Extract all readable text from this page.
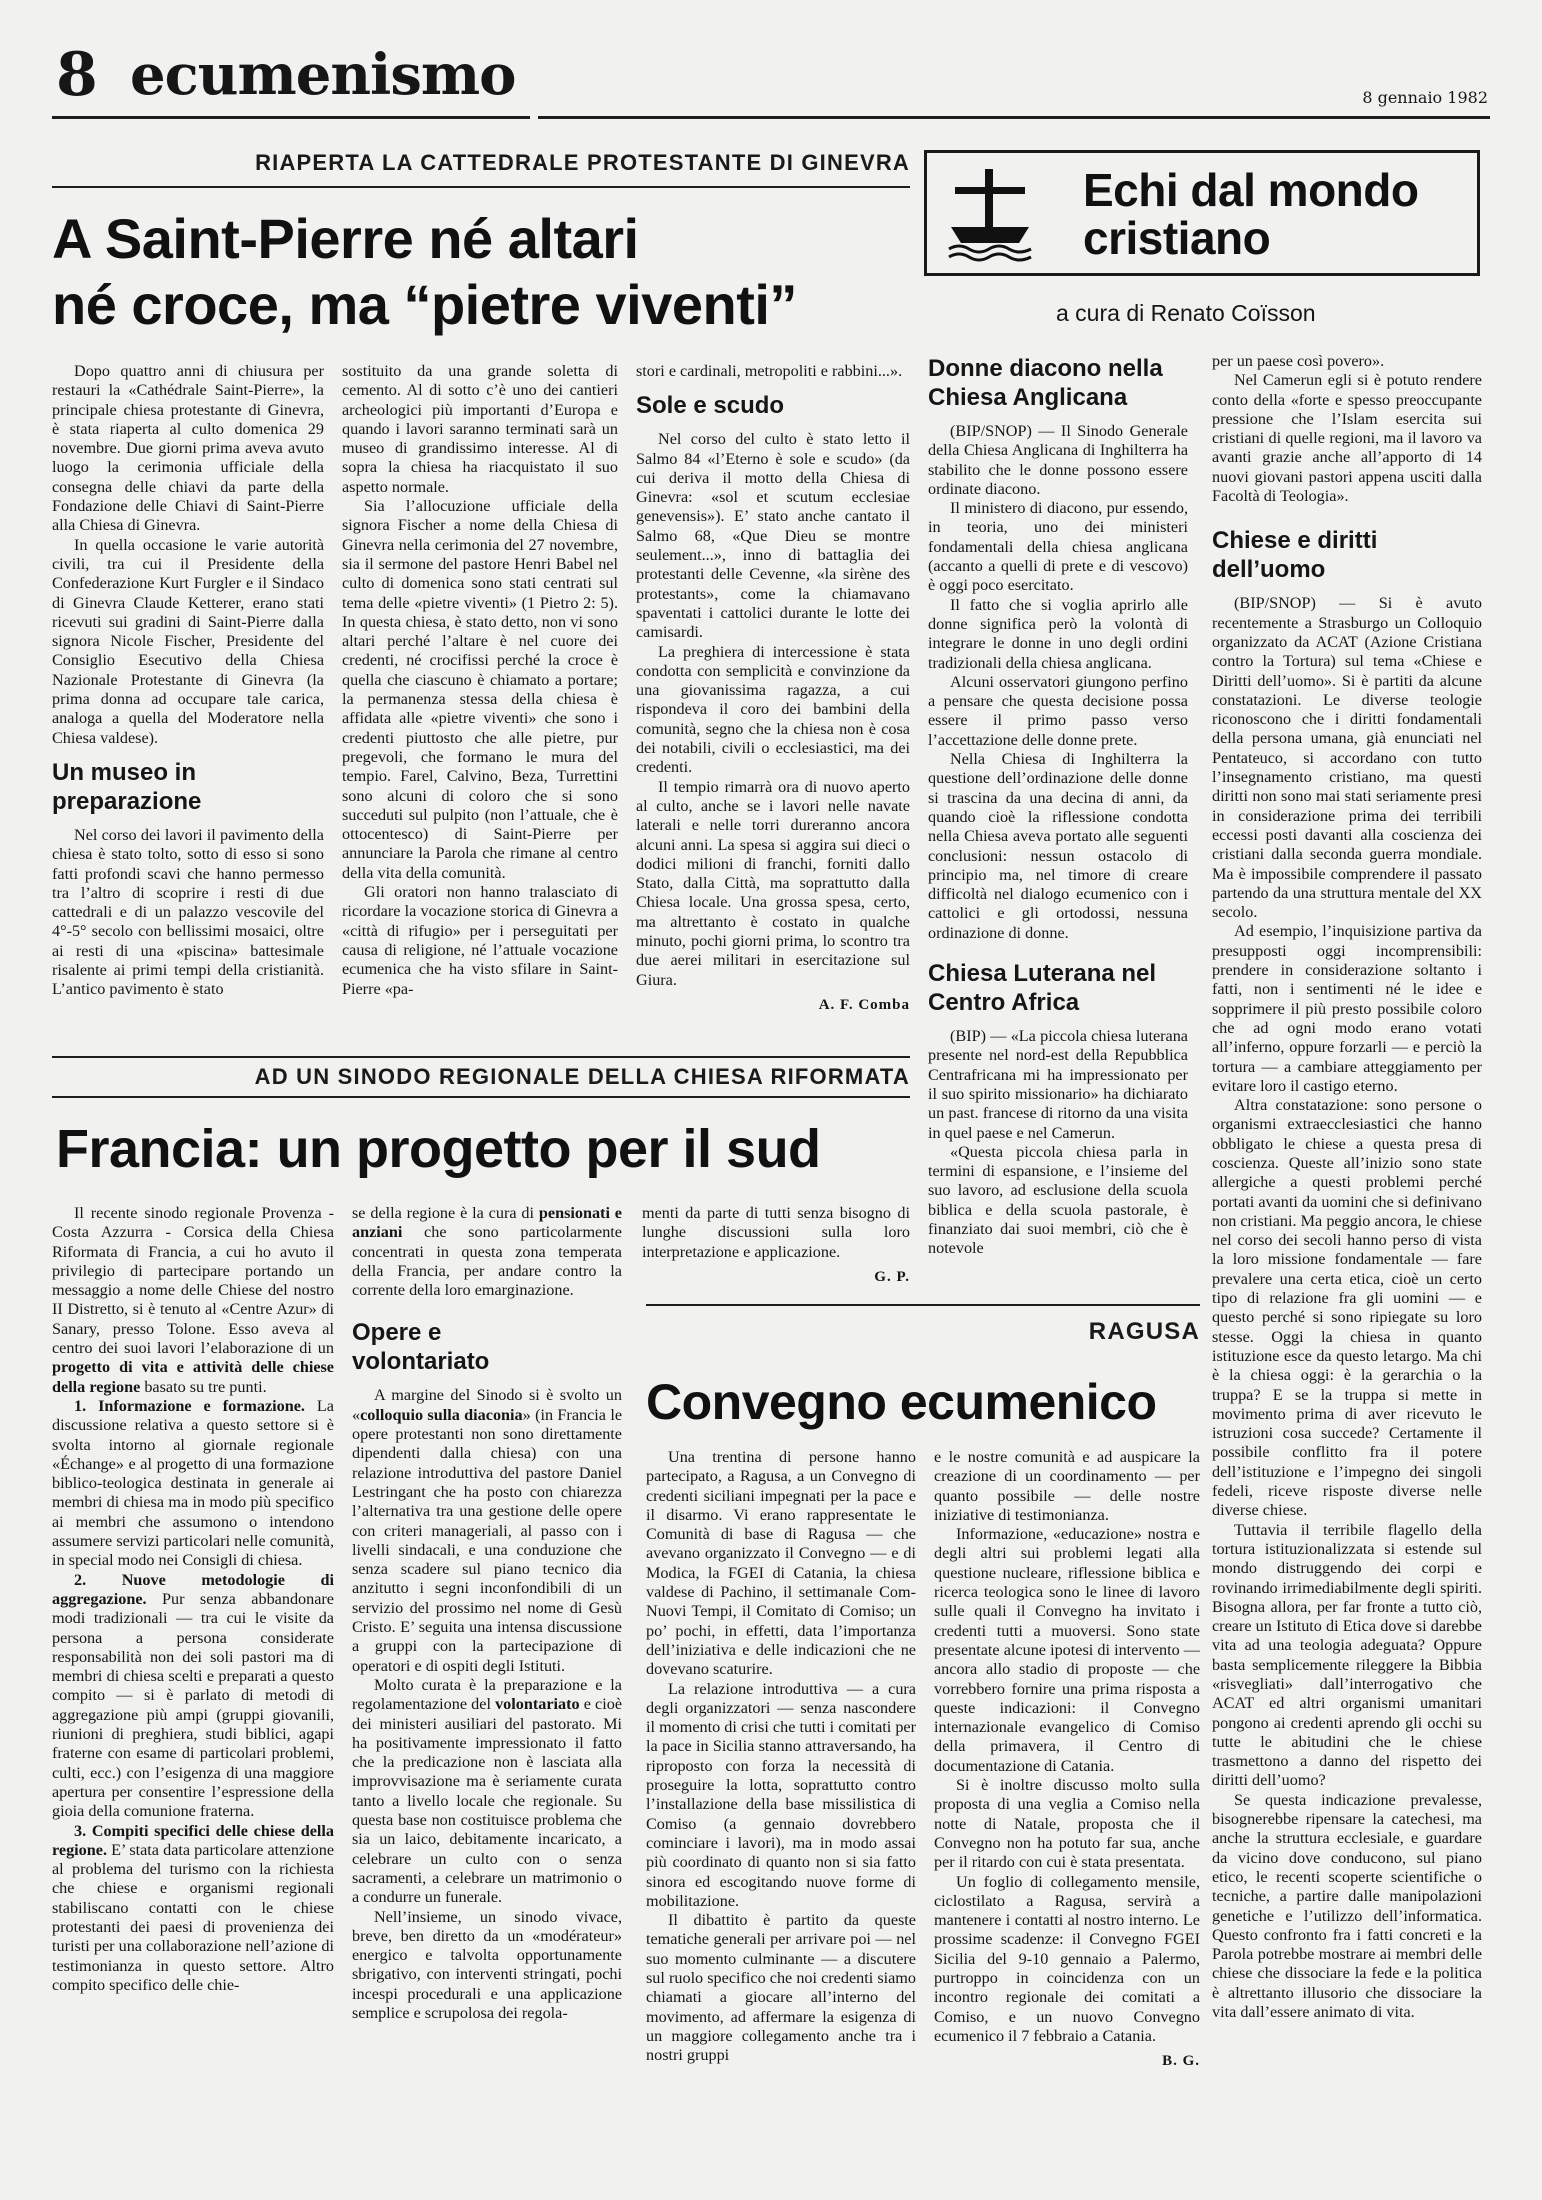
8 ecumenismo	8 gennaio 1982
RIAPERTA LA CATTEDRALE PROTESTANTE DI GINEVRA
A Saint-Pierre né altari
né croce, ma “pietre viventi”

Dopo quattro anni di chiusura per restauri la «Cathédrale Saint-Pierre», la principale chiesa protestante di Ginevra, è stata riaperta al culto domenica 29 novembre. Due giorni prima aveva avuto luogo la cerimonia ufficiale della consegna delle chiavi da parte della Fondazione delle Chiavi di Saint-Pierre alla Chiesa di Ginevra.

In quella occasione le varie autorità civili, tra cui il Presidente della Confederazione Kurt Furgler e il Sindaco di Ginevra Claude Ketterer, erano stati ricevuti sui gradini di Saint-Pierre dalla signora Nicole Fischer, Presidente del Consiglio Esecutivo della Chiesa Nazionale Protestante di Ginevra (la prima donna ad occupare tale carica, analoga a quella del Moderatore nella Chiesa valdese).

Un museo in preparazione

Nel corso dei lavori il pavimento della chiesa è stato tolto, sotto di esso si sono fatti profondi scavi che hanno permesso tra l’altro di scoprire i resti di due cattedrali e di un palazzo vescovile del 4°-5° secolo con bellissimi mosaici, oltre ai resti di una «piscina» battesimale risalente ai primi tempi della cristianità. L’antico pavimento è stato

sostituito da una grande soletta di cemento. Al di sotto c’è uno dei cantieri archeologici più importanti d’Europa e quando i lavori saranno terminati sarà un museo di grandissimo interesse. Al di sopra la chiesa ha riacquistato il suo aspetto normale.

Sia l’allocuzione ufficiale della signora Fischer a nome della Chiesa di Ginevra nella cerimonia del 27 novembre, sia il sermone del pastore Henri Babel nel culto di domenica sono stati centrati sul tema delle «pietre viventi» (1 Pietro 2: 5). In questa chiesa, è stato detto, non vi sono altari perché l’altare è nel cuore dei credenti, né crocifissi perché la croce è quella che ciascuno è chiamato a portare; la permanenza stessa della chiesa è affidata alle «pietre viventi» che sono i credenti piuttosto che alle pietre, pur pregevoli, che formano le mura del tempio. Farel, Calvino, Beza, Turrettini sono alcuni di coloro che si sono succeduti sul pulpito (non l’attuale, che è ottocentesco) di Saint-Pierre per annunciare la Parola che rimane al centro della vita della comunità.

Gli oratori non hanno tralasciato di ricordare la vocazione storica di Ginevra a «città di rifugio» per i perseguitati per causa di religione, né l’attuale vocazione ecumenica che ha visto sfilare in Saint-Pierre «pa-

stori e cardinali, metropoliti e rabbini...».

Sole e scudo

Nel corso del culto è stato letto il Salmo 84 «l’Eterno è sole e scudo» (da cui deriva il motto della Chiesa di Ginevra: «sol et scutum ecclesiae genevensis»). E’ stato anche cantato il Salmo 68, «Que Dieu se montre seulement...», inno di battaglia dei protestanti delle Cevenne, «la sirène des protestants», come la chiamavano spaventati i cattolici durante le lotte dei camisardi.

La preghiera di intercessione è stata condotta con semplicità e convinzione da una giovanissima ragazza, a cui rispondeva il coro dei bambini della comunità, segno che la chiesa non è cosa dei notabili, civili o ecclesiastici, ma dei credenti.

Il tempio rimarrà ora di nuovo aperto al culto, anche se i lavori nelle navate laterali e nelle torri dureranno ancora alcuni anni. La spesa si aggira sui dieci o dodici milioni di franchi, forniti dallo Stato, dalla Città, ma soprattutto dalla Chiesa locale. Una grossa spesa, certo, ma altrettanto è costato in qualche minuto, pochi giorni prima, lo scontro tra due aerei militari in esercitazione sul Giura.

A. F. Comba
Echi dal mondo
cristiano
a cura di Renato Coïsson
Donne diacono nella Chiesa Anglicana

(BIP/SNOP) — Il Sinodo Generale della Chiesa Anglicana di Inghilterra ha stabilito che le donne possono essere ordinate diacono.

Il ministero di diacono, pur essendo, in teoria, uno dei ministeri fondamentali della chiesa anglicana (accanto a quelli di prete e di vescovo) è oggi poco esercitato.

Il fatto che si voglia aprirlo alle donne significa però la volontà di integrare le donne in uno degli ordini tradizionali della chiesa anglicana.

Alcuni osservatori giungono perfino a pensare che questa decisione possa essere il primo passo verso l’accettazione delle donne prete.

Nella Chiesa di Inghilterra la questione dell’ordinazione delle donne si trascina da una decina di anni, da quando cioè la riflessione condotta nella Chiesa aveva portato alle seguenti conclusioni: nessun ostacolo di principio ma, nel timore di creare difficoltà nel dialogo ecumenico con i cattolici e gli ortodossi, nessuna ordinazione di donne.

Chiesa Luterana nel Centro Africa

(BIP) — «La piccola chiesa luterana presente nel nord-est della Repubblica Centrafricana mi ha impressionato per il suo spirito missionario» ha dichiarato un past. francese di ritorno da una visita in quel paese e nel Camerun.

«Questa piccola chiesa parla in termini di espansione, e l’insieme del suo lavoro, ad esclusione della scuola biblica e della scuola pastorale, è finanziato dai suoi membri, ciò che è notevole

per un paese così povero».

Nel Camerun egli si è potuto rendere conto della «forte e spesso preoccupante pressione che l’Islam esercita sui cristiani di quelle regioni, ma il lavoro va avanti grazie anche all’apporto di 14 nuovi giovani pastori appena usciti dalla Facoltà di Teologia».

Chiese e diritti dell’uomo

(BIP/SNOP) — Si è avuto recentemente a Strasburgo un Colloquio organizzato da ACAT (Azione Cristiana contro la Tortura) sul tema «Chiese e Diritti dell’uomo». Si è partiti da alcune constatazioni. Le diverse teologie riconoscono che i diritti fondamentali della persona umana, già enunciati nel Pentateuco, si accordano con tutto l’insegnamento cristiano, ma questi diritti non sono mai stati seriamente presi in considerazione prima dei terribili eccessi posti davanti alla coscienza dei cristiani dalla seconda guerra mondiale. Ma è impossibile comprendere il passato partendo da una struttura mentale del XX secolo.

Ad esempio, l’inquisizione partiva da presupposti oggi incomprensibili: prendere in considerazione soltanto i fatti, non i sentimenti né le idee e sopprimere il più presto possibile coloro che ad ogni modo erano votati all’inferno, oppure forzarli — e perciò la tortura — a cambiare atteggiamento per evitare loro il castigo eterno.

Altra constatazione: sono persone o organismi extraecclesiastici che hanno obbligato le chiese a questa presa di coscienza. Queste all’inizio sono state allergiche a questi problemi perché portati avanti da uomini che si definivano non cristiani. Ma peggio ancora, le chiese nel corso dei secoli hanno perso di vista la loro missione fondamentale — fare prevalere una certa etica, cioè un certo tipo di relazione fra gli uomini — e questo perché si sono ripiegate su loro stesse. Oggi la chiesa in quanto istituzione esce da questo letargo. Ma chi è la chiesa oggi: è la gerarchia o la truppa? E se la truppa si mette in movimento prima di aver ricevuto le istruzioni cosa succede? Certamente il possibile conflitto fra il potere dell’istituzione e l’impegno dei singoli fedeli, riceve risposte diverse nelle diverse chiese.

Tuttavia il terribile flagello della tortura istituzionalizzata si estende sul mondo distruggendo dei corpi e rovinando irrimediabilmente degli spiriti. Bisogna allora, per far fronte a tutto ciò, creare un Istituto di Etica dove si darebbe vita ad una teologia adeguata? Oppure basta semplicemente rileggere la Bibbia «risvegliati» dall’interrogativo che ACAT ed altri organismi umanitari pongono ai credenti aprendo gli occhi su tutte le abitudini che le chiese trasmettono a danno del rispetto dei diritti dell’uomo?

Se questa indicazione prevalesse, bisognerebbe ripensare la catechesi, ma anche la struttura ecclesiale, e guardare da vicino dove conducono, sul piano etico, le recenti scoperte scientifiche o tecniche, a partire dalle manipolazioni genetiche e l’utilizzo dell’informatica. Questo confronto fra i fatti concreti e la Parola potrebbe mostrare ai membri delle chiese che dissociare la fede e la politica è altrettanto illusorio che dissociare la vita dall’essere animato di vita.

AD UN SINODO REGIONALE DELLA CHIESA RIFORMATA
Francia: un progetto per il sud

Il recente sinodo regionale Provenza - Costa Azzurra - Corsica della Chiesa Riformata di Francia, a cui ho avuto il privilegio di partecipare portando un messaggio a nome delle Chiese del nostro II Distretto, si è tenuto al «Centre Azur» di Sanary, presso Tolone. Esso aveva al centro dei suoi lavori l’elaborazione di un progetto di vita e attività delle chiese della regione basato su tre punti.

1. Informazione e formazione. La discussione relativa a questo settore si è svolta intorno al giornale regionale «Échange» e al progetto di una formazione biblico-teologica destinata in generale ai membri di chiesa ma in modo più specifico ai membri che assumono o intendono assumere servizi particolari nelle comunità, in special modo nei Consigli di chiesa.

2. Nuove metodologie di aggregazione. Pur senza abbandonare modi tradizionali — tra cui le visite da persona a persona considerate responsabilità non dei soli pastori ma di membri di chiesa scelti e preparati a questo compito — si è parlato di metodi di aggregazione più ampi (gruppi giovanili, riunioni di preghiera, studi biblici, agapi fraterne con esame di particolari problemi, culti, ecc.) con l’esigenza di una maggiore apertura per consentire l’espressione della gioia della comunione fraterna.

3. Compiti specifici delle chiese della regione. E’ stata data particolare attenzione al problema del turismo con la richiesta che chiese e organismi regionali stabiliscano contatti con le chiese protestanti dei paesi di provenienza dei turisti per una collaborazione nell’azione di testimonianza in questo settore. Altro compito specifico delle chie-

se della regione è la cura di pensionati e anziani che sono particolarmente concentrati in questa zona temperata della Francia, per andare contro la corrente della loro emarginazione.

Opere e volontariato

A margine del Sinodo si è svolto un «colloquio sulla diaconia» (in Francia le opere protestanti non sono direttamente dipendenti dalla chiesa) con una relazione introduttiva del pastore Daniel Lestringant che ha posto con chiarezza l’alternativa tra una gestione delle opere con criteri manageriali, al passo con i livelli sindacali, e una conduzione che senza scadere sul piano tecnico dia anzitutto i segni inconfondibili di un servizio del prossimo nel nome di Gesù Cristo. E’ seguita una intensa discussione a gruppi con la partecipazione di operatori e di ospiti degli Istituti.

Molto curata è la preparazione e la regolamentazione del volontariato e cioè dei ministeri ausiliari del pastorato. Mi ha positivamente impressionato il fatto che la predicazione non è lasciata alla improvvisazione ma è seriamente curata tanto a livello locale che regionale. Su questa base non costituisce problema che sia un laico, debitamente incaricato, a celebrare un culto con o senza sacramenti, a celebrare un matrimonio o a condurre un funerale.

Nell’insieme, un sinodo vivace, breve, ben diretto da un «modérateur» energico e talvolta opportunamente sbrigativo, con interventi stringati, pochi incespi procedurali e una applicazione semplice e scrupolosa dei regola-

menti da parte di tutti senza bisogno di lunghe discussioni sulla loro interpretazione e applicazione.

G. P.
RAGUSA
Convegno ecumenico

Una trentina di persone hanno partecipato, a Ragusa, a un Convegno di credenti siciliani impegnati per la pace e il disarmo. Vi erano rappresentate le Comunità di base di Ragusa — che avevano organizzato il Convegno — e di Modica, la FGEI di Catania, la chiesa valdese di Pachino, il settimanale Com-Nuovi Tempi, il Comitato di Comiso; un po’ pochi, in effetti, data l’importanza dell’iniziativa e delle indicazioni che ne dovevano scaturire.

La relazione introduttiva — a cura degli organizzatori — senza nascondere il momento di crisi che tutti i comitati per la pace in Sicilia stanno attraversando, ha riproposto con forza la necessità di proseguire la lotta, soprattutto contro l’installazione della base missilistica di Comiso (a gennaio dovrebbero cominciare i lavori), ma in modo assai più coordinato di quanto non si sia fatto sinora ed escogitando nuove forme di mobilitazione.

Il dibattito è partito da queste tematiche generali per arrivare poi — nel suo momento culminante — a discutere sul ruolo specifico che noi credenti siamo chiamati a giocare all’interno del movimento, ad affermare la esigenza di un maggiore collegamento anche tra i nostri gruppi

e le nostre comunità e ad auspicare la creazione di un coordinamento — per quanto possibile — delle nostre iniziative di testimonianza.

Informazione, «educazione» nostra e degli altri sui problemi legati alla questione nucleare, riflessione biblica e ricerca teologica sono le linee di lavoro sulle quali il Convegno ha invitato i credenti tutti a muoversi. Sono state presentate alcune ipotesi di intervento — ancora allo stadio di proposte — che vorrebbero fornire una prima risposta a queste indicazioni: il Convegno internazionale evangelico di Comiso della primavera, il Centro di documentazione di Catania.

Si è inoltre discusso molto sulla proposta di una veglia a Comiso nella notte di Natale, proposta che il Convegno non ha potuto far sua, anche per il ritardo con cui è stata presentata.

Un foglio di collegamento mensile, ciclostilato a Ragusa, servirà a mantenere i contatti al nostro interno. Le prossime scadenze: il Convegno FGEI Sicilia del 9-10 gennaio a Palermo, purtroppo in coincidenza con un incontro regionale dei comitati a Comiso, e un nuovo Convegno ecumenico il 7 febbraio a Catania.

B. G.
